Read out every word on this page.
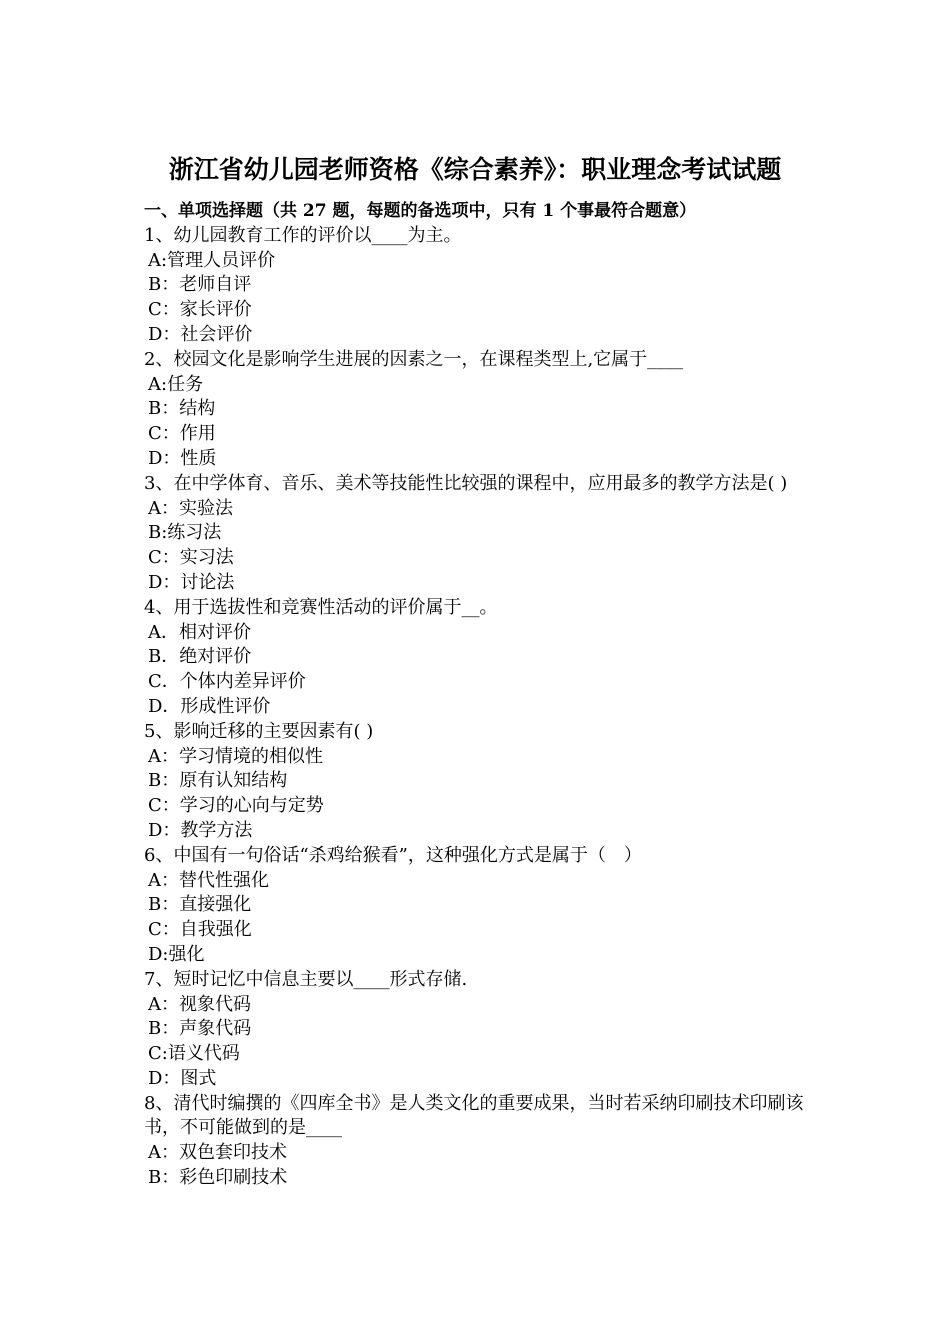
浙江省幼儿园老师资格《综合素养》：职业理念考试试题
一、单项选择题（共 27 题，每题的备选项中，只有 1 个事最符合题意）
1、幼儿园教育工作的评价以____为主。
A:管理人员评价
B：老师自评
C：家长评价
D：社会评价
2、校园文化是影响学生进展的因素之一，在课程类型上,它属于____
A:任务
B：结构
C：作用
D：性质
3、在中学体育、音乐、美术等技能性比较强的课程中，应用最多的教学方法是( )
A：实验法
B:练习法
C：实习法
D：讨论法
4、用于选拔性和竞赛性活动的评价属于__。
A．相对评价
B．绝对评价
C．个体内差异评价
D．形成性评价
5、影响迁移的主要因素有( )
A：学习情境的相似性
B：原有认知结构
C：学习的心向与定势
D：教学方法
6、中国有一句俗话“杀鸡给猴看”，这种强化方式是属于（　）
A：替代性强化
B：直接强化
C：自我强化
D:强化
7、短时记忆中信息主要以____形式存储.
A：视象代码
B：声象代码
C:语义代码
D：图式
8、清代时编撰的《四库全书》是人类文化的重要成果，当时若采纳印刷技术印刷该书，不可能做到的是____
A：双色套印技术
B：彩色印刷技术
